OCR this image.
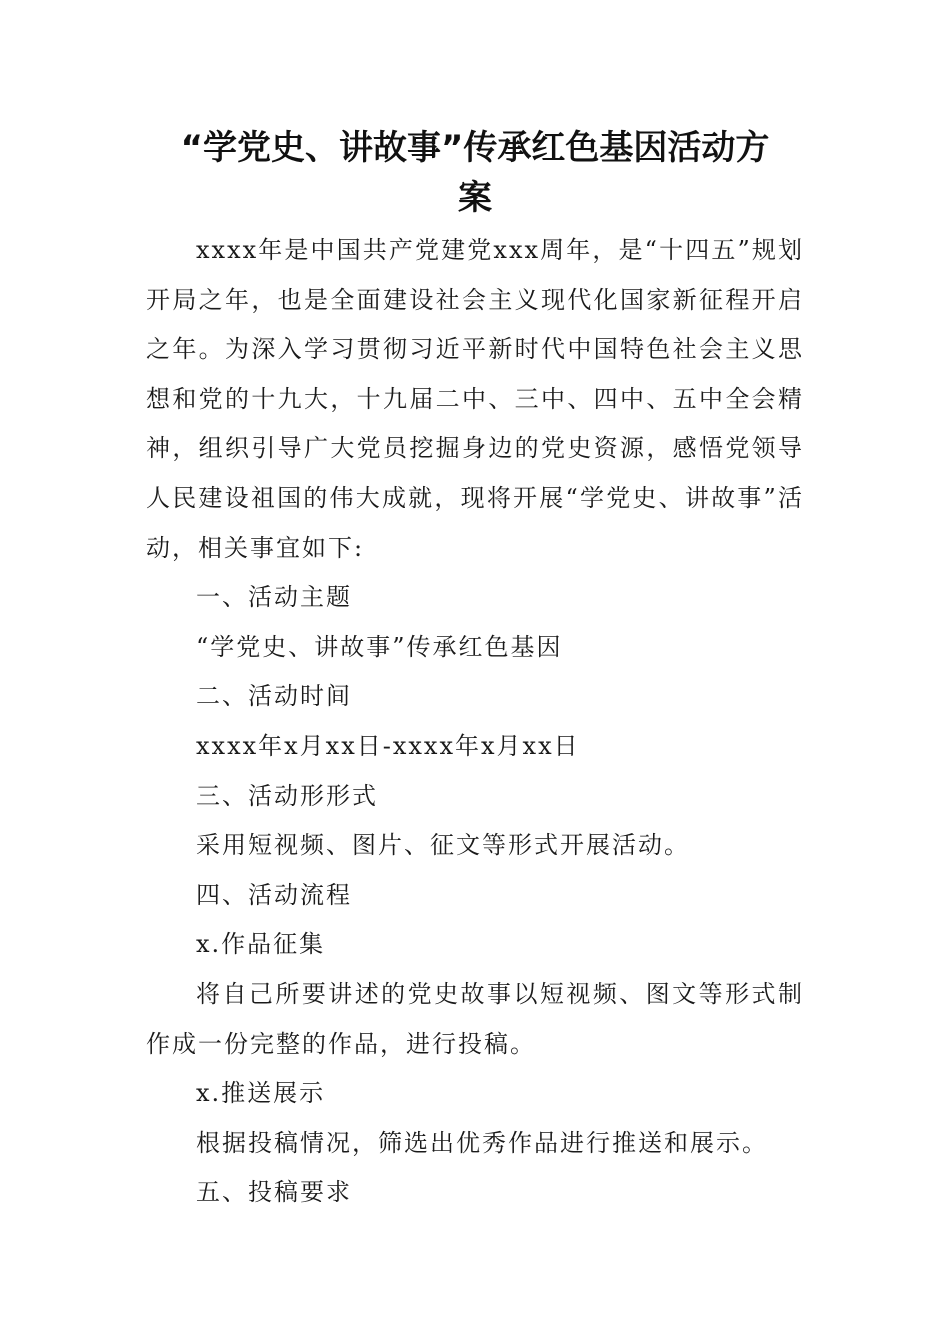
“学党史、讲故事”传承红色基因活动方
案

xxxx年是中国共产党建党xxx周年，是“十四五”规划开局之年，也是全面建设社会主义现代化国家新征程开启之年。为深入学习贯彻习近平新时代中国特色社会主义思想和党的十九大，十九届二中、三中、四中、五中全会精神，组织引导广大党员挖掘身边的党史资源，感悟党领导人民建设祖国的伟大成就，现将开展“学党史、讲故事”活动，相关事宜如下:

一、活动主题

“学党史、讲故事”传承红色基因

二、活动时间

xxxx年x月xx日-xxxx年x月xx日

三、活动形形式

采用短视频、图片、征文等形式开展活动。

四、活动流程

x.作品征集

将自己所要讲述的党史故事以短视频、图文等形式制作成一份完整的作品，进行投稿。

x.推送展示

根据投稿情况，筛选出优秀作品进行推送和展示。

五、投稿要求
